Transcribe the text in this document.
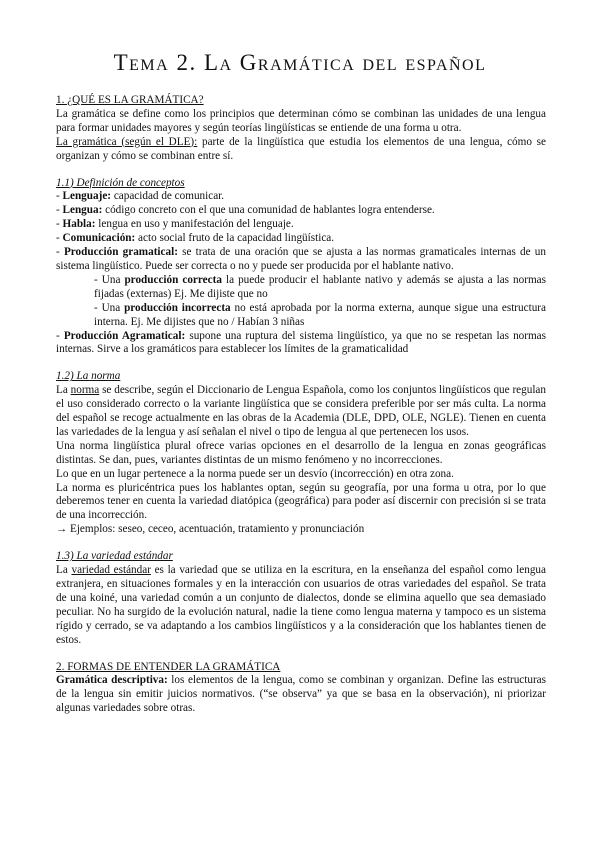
Tema 2. La Gramática del español

1. ¿QUÉ ES LA GRAMÁTICA?

La gramática se define como los principios que determinan cómo se combinan las unidades de una lengua para formar unidades mayores y según teorías lingüísticas se entiende de una forma u otra.

La gramática (según el DLE): parte de la lingüística que estudia los elementos de una lengua, cómo se organizan y cómo se combinan entre sí.

1.1) Definición de conceptos

- Lenguaje: capacidad de comunicar.

- Lengua: código concreto con el que una comunidad de hablantes logra entenderse.

- Habla: lengua en uso y manifestación del lenguaje.

- Comunicación: acto social fruto de la capacidad lingüística.

- Producción gramatical: se trata de una oración que se ajusta a las normas gramaticales internas de un sistema lingüístico. Puede ser correcta o no y puede ser producida por el hablante nativo.

- Una producción correcta la puede producir el hablante nativo y además se ajusta a las normas fijadas (externas) Ej. Me dijiste que no

- Una producción incorrecta no está aprobada por la norma externa, aunque sigue una estructura interna. Ej. Me dijistes que no / Habían 3 niñas

- Producción Agramatical: supone una ruptura del sistema lingüístico, ya que no se respetan las normas internas. Sirve a los gramáticos para establecer los límites de la gramaticalidad

1.2) La norma

La norma se describe, según el Diccionario de Lengua Española, como los conjuntos lingüísticos que regulan el uso considerado correcto o la variante lingüística que se considera preferible por ser más culta. La norma del español se recoge actualmente en las obras de la Academia (DLE, DPD, OLE, NGLE). Tienen en cuenta las variedades de la lengua y así señalan el nivel o tipo de lengua al que pertenecen los usos.

Una norma lingüística plural ofrece varias opciones en el desarrollo de la lengua en zonas geográficas distintas. Se dan, pues, variantes distintas de un mismo fenómeno y no incorrecciones.

Lo que en un lugar pertenece a la norma puede ser un desvío (incorrección) en otra zona.

La norma es pluricéntrica pues los hablantes optan, según su geografía, por una forma u otra, por lo que deberemos tener en cuenta la variedad diatópica (geográfica) para poder así discernir con precisión si se trata de una incorrección.

→ Ejemplos: seseo, ceceo, acentuación, tratamiento y pronunciación

1.3) La variedad estándar

La variedad estándar es la variedad que se utiliza en la escritura, en la enseñanza del español como lengua extranjera, en situaciones formales y en la interacción con usuarios de otras variedades del español. Se trata de una koiné, una variedad común a un conjunto de dialectos, donde se elimina aquello que sea demasiado peculiar. No ha surgido de la evolución natural, nadie la tiene como lengua materna y tampoco es un sistema rígido y cerrado, se va adaptando a los cambios lingüísticos y a la consideración que los hablantes tienen de estos.

2. FORMAS DE ENTENDER LA GRAMÁTICA

Gramática descriptiva: los elementos de la lengua, como se combinan y organizan. Define las estructuras de la lengua sin emitir juicios normativos. (“se observa” ya que se basa en la observación), ni priorizar algunas variedades sobre otras.
